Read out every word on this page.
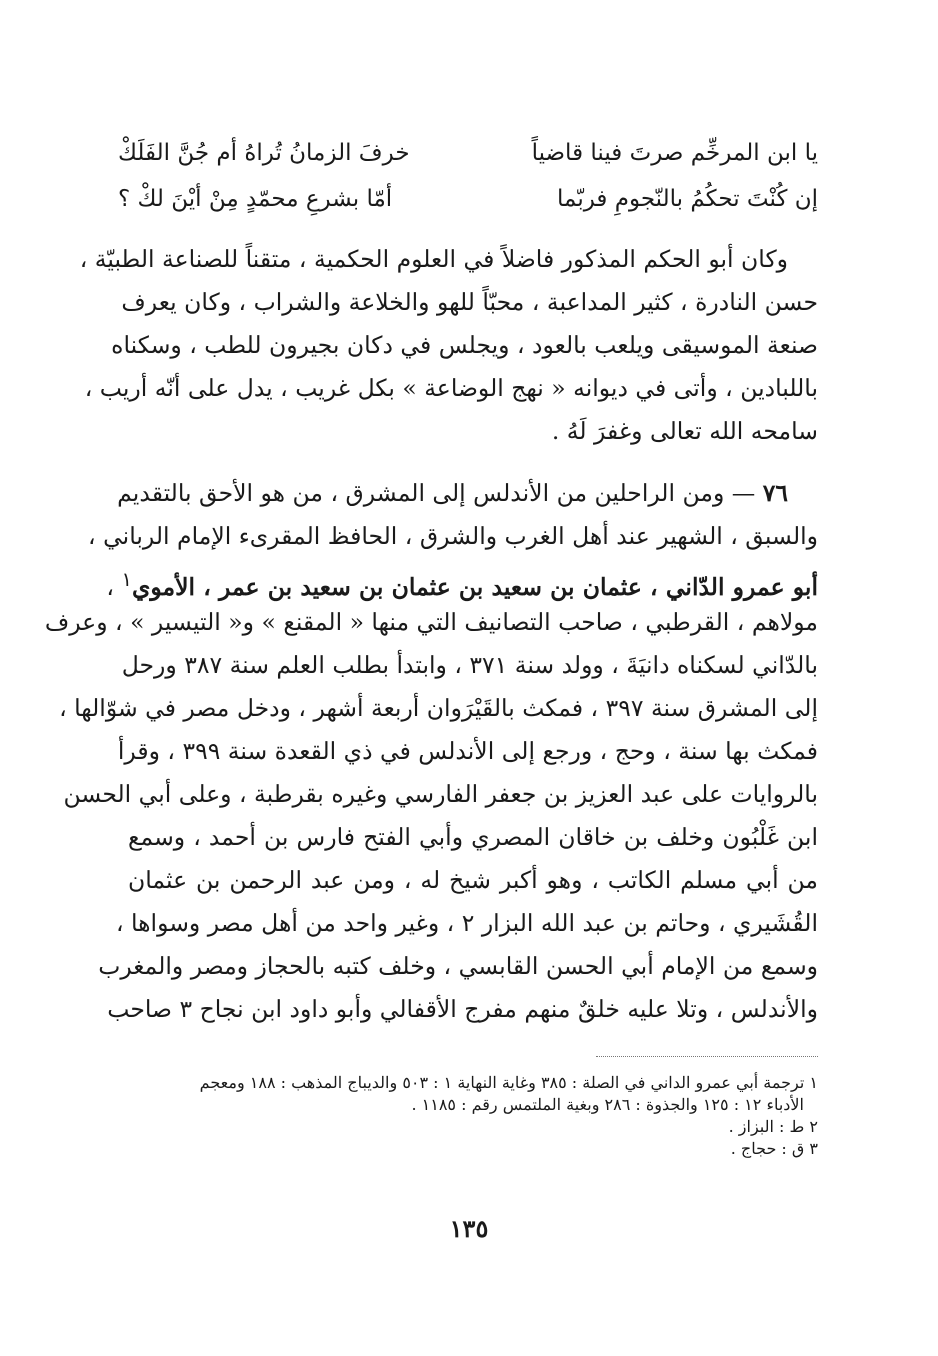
يا ابن المرخِّم صرتَ فينا قاضياً
خرفَ الزمانُ تُراهُ أم جُنَّ الفَلَكْ
إن كُنْتَ تحكُمُ بالنّجومِ فربّما
أمّا بشرعِ محمّدٍ مِنْ أيْنَ لكْ ؟
وكان أبو الحكم المذكور فاضلاً في العلوم الحكمية ، متقناً للصناعة الطبيّة ،
حسن النادرة ، كثير المداعبة ، محبّاً للهو والخلاعة والشراب ، وكان يعرف
صنعة الموسيقى ويلعب بالعود ، ويجلس في دكان بجيرون للطب ، وسكناه
باللبادين ، وأتى في ديوانه « نهج الوضاعة » بكل غريب ، يدل على أنّه أريب ،
سامحه الله تعالى وغفرَ لَهُ .
٧٦ — ومن الراحلين من الأندلس إلى المشرق ، من هو الأحق بالتقديم
والسبق ، الشهير عند أهل الغرب والشرق ، الحافظ المقرىء الإمام الرباني ،
أبو عمرو الدّاني ، عثمان بن سعيد بن عثمان بن سعيد بن عمر ، الأموي$^١$ ،
مولاهم ، القرطبي ، صاحب التصانيف التي منها « المقنع » و« التيسير » ، وعرف
بالدّاني لسكناه دانيَةَ ، وولد سنة ٣٧١ ، وابتدأ بطلب العلم سنة ٣٨٧ ورحل
إلى المشرق سنة ٣٩٧ ، فمكث بالقَيْرَوان أربعة أشهر ، ودخل مصر في شوّالها ،
فمكث بها سنة ، وحج ، ورجع إلى الأندلس في ذي القعدة سنة ٣٩٩ ، وقرأ
بالروايات على عبد العزيز بن جعفر الفارسي وغيره بقرطبة ، وعلى أبي الحسن
ابن غَلْبُون وخلف بن خاقان المصري وأبي الفتح فارس بن أحمد ، وسمع
من أبي مسلم الكاتب ، وهو أكبر شيخ له ، ومن عبد الرحمن بن عثمان
القُشَيري ، وحاتم بن عبد الله البزار ٢ ، وغير واحد من أهل مصر وسواها ،
وسمع من الإمام أبي الحسن القابسي ، وخلف كتبه بالحجاز ومصر والمغرب
والأندلس ، وتلا عليه خلقٌ منهم مفرج الأقفالي وأبو داود ابن نجاح ٣ صاحب
١ ترجمة أبي عمرو الداني في الصلة : ٣٨٥ وغاية النهاية ١ : ٥٠٣ والديباج المذهب : ١٨٨ ومعجم
الأدباء ١٢ : ١٢٥ والجذوة : ٢٨٦ وبغية الملتمس رقم : ١١٨٥ .
٢ ط : البزاز .
٣ ق : حجاج .
١٣٥
